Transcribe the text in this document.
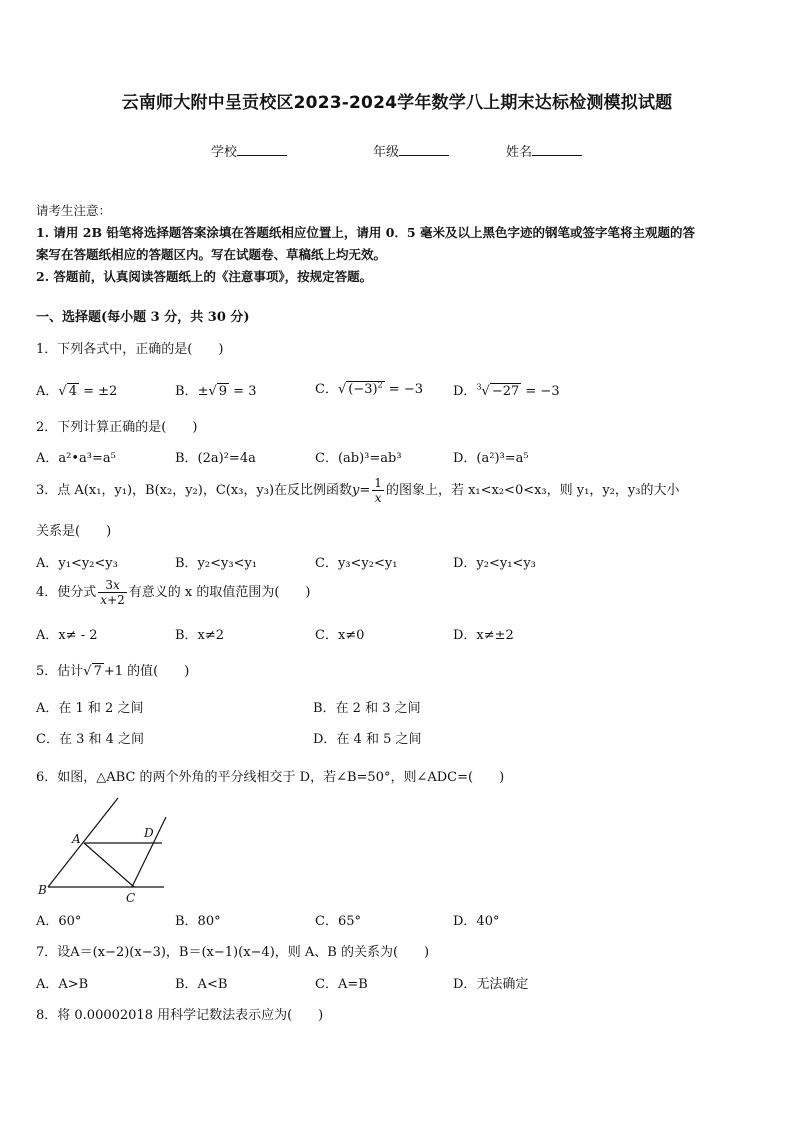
云南师大附中呈贡校区2023-2024学年数学八上期末达标检测模拟试题
学校	年级	姓名

请考生注意：

1. 请用 2B 铅笔将选择题答案涂填在答题纸相应位置上，请用 0．5 毫米及以上黑色字迹的钢笔或签字笔将主观题的答

案写在答题纸相应的答题区内。写在试题卷、草稿纸上均无效。

2. 答题前，认真阅读答题纸上的《注意事项》，按规定答题。

一、选择题(每小题 3 分，共 30 分)
1．下列各式中，正确的是(　　)
A．√ 4 = ±2	B．±√ 9 = 3	C．√ $(-3)^2 = -3$ D．$^3$√ −27 = −3
2．下列计算正确的是(　　)
A．a²•a³=a⁵	B．(2a)²=4a	C．(ab)³=ab³	D．(a²)³=a⁵
3．点 A(x₁，y₁)，B(x₂，y₂)，C(x₃，y₃)在反比例函数$y= \frac{1}{x}$ 的图象上，若 x₁<x₂<0<x₃，则 y₁，y₂，y₃的大小
关系是(　　)
A．y₁<y₂<y₃	B．y₂<y₃<y₁	C．y₃<y₂<y₁	D．y₂<y₁<y₃
4．使分式 $\frac{3x}{x+2}$ 有意义的 x 的取值范围为(　　)
A．x≠ - 2	B．x≠2	C．x≠0	D．x≠±2
5．估计√ 7 +1 的值(　　)
A．在 1 和 2 之间	B．在 2 和 3 之间
C．在 3 和 4 之间	D．在 4 和 5 之间
6．如图，△ABC 的两个外角的平分线相交于 D，若∠B=50°，则∠ADC=(　　)
A
B
C
D
A．60°	B．80°	C．65°	D．40°
7．设A＝(x−2)(x−3)，B＝(x−1)(x−4)，则 A、B 的关系为(　　)
A．A>B	B．A<B	C．A=B	D．无法确定
8．将 0.00002018 用科学记数法表示应为(　　)
